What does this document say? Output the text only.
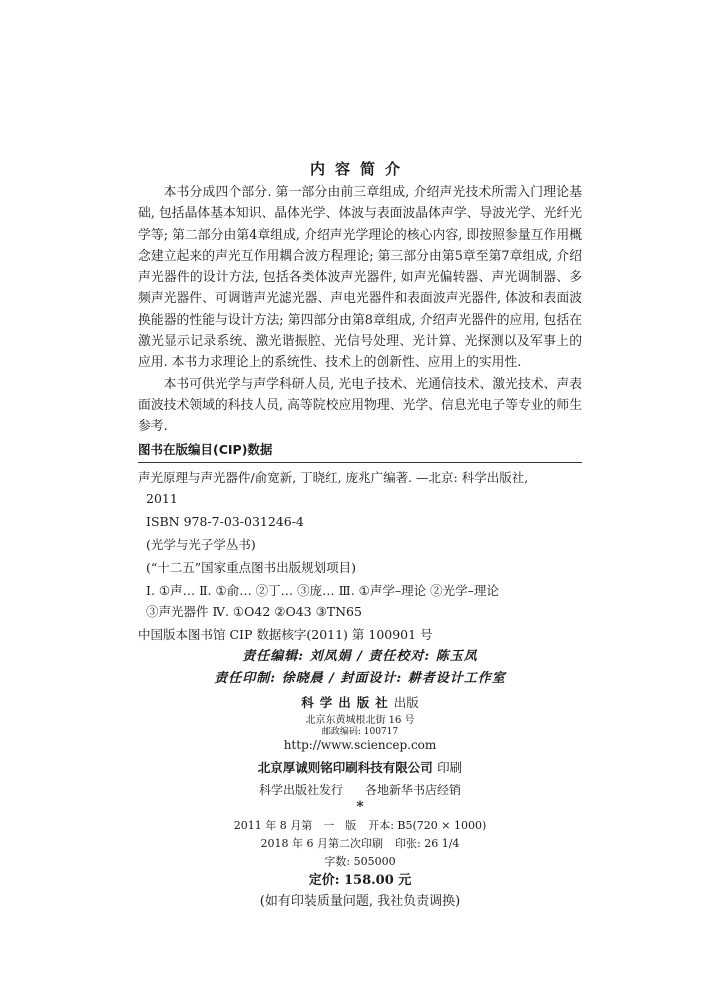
内容简介

本书分成四个部分. 第一部分由前三章组成, 介绍声光技术所需入门理论基础, 包括晶体基本知识、晶体光学、体波与表面波晶体声学、导波光学、光纤光学等; 第二部分由第4章组成, 介绍声光学理论的核心内容, 即按照参量互作用概念建立起来的声光互作用耦合波方程理论; 第三部分由第5章至第7章组成, 介绍声光器件的设计方法, 包括各类体波声光器件, 如声光偏转器、声光调制器、多频声光器件、可调谐声光滤光器、声电光器件和表面波声光器件, 体波和表面波换能器的性能与设计方法; 第四部分由第8章组成, 介绍声光器件的应用, 包括在激光显示记录系统、激光谐振腔、光信号处理、光计算、光探测以及军事上的应用. 本书力求理论上的系统性、技术上的创新性、应用上的实用性.

本书可供光学与声学科研人员, 光电子技术、光通信技术、激光技术、声表面波技术领域的科技人员, 高等院校应用物理、光学、信息光电子等专业的师生参考.

图书在版编目(CIP)数据
声光原理与声光器件/俞宽新, 丁晓红, 庞兆广编著. —北京: 科学出版社,
2011
ISBN 978-7-03-031246-4
(光学与光子学丛书)
(“十二五”国家重点图书出版规划项目)
Ⅰ. ①声… Ⅱ. ①俞… ②丁… ③庞… Ⅲ. ①声学–理论 ②光学–理论
③声光器件 Ⅳ. ①O42 ②O43 ③TN65
中国版本图书馆 CIP 数据核字(2011) 第 100901 号
责任编辑: 刘凤娟 / 责任校对: 陈玉凤
责任印制: 徐晓晨 / 封面设计: 耕者设计工作室
科学出版社出版
北京东黄城根北街 16 号
邮政编码: 100717
http://www.sciencep.com
北京厚诚则铭印刷科技有限公司 印刷
科学出版社发行 各地新华书店经销
*
2011 年 8 月第　一　版 开本: B5(720 × 1000)
2018 年 6 月第二次印刷 印张: 26 1/4
字数: 505000
定价: 158.00 元
(如有印装质量问题, 我社负责调换)
